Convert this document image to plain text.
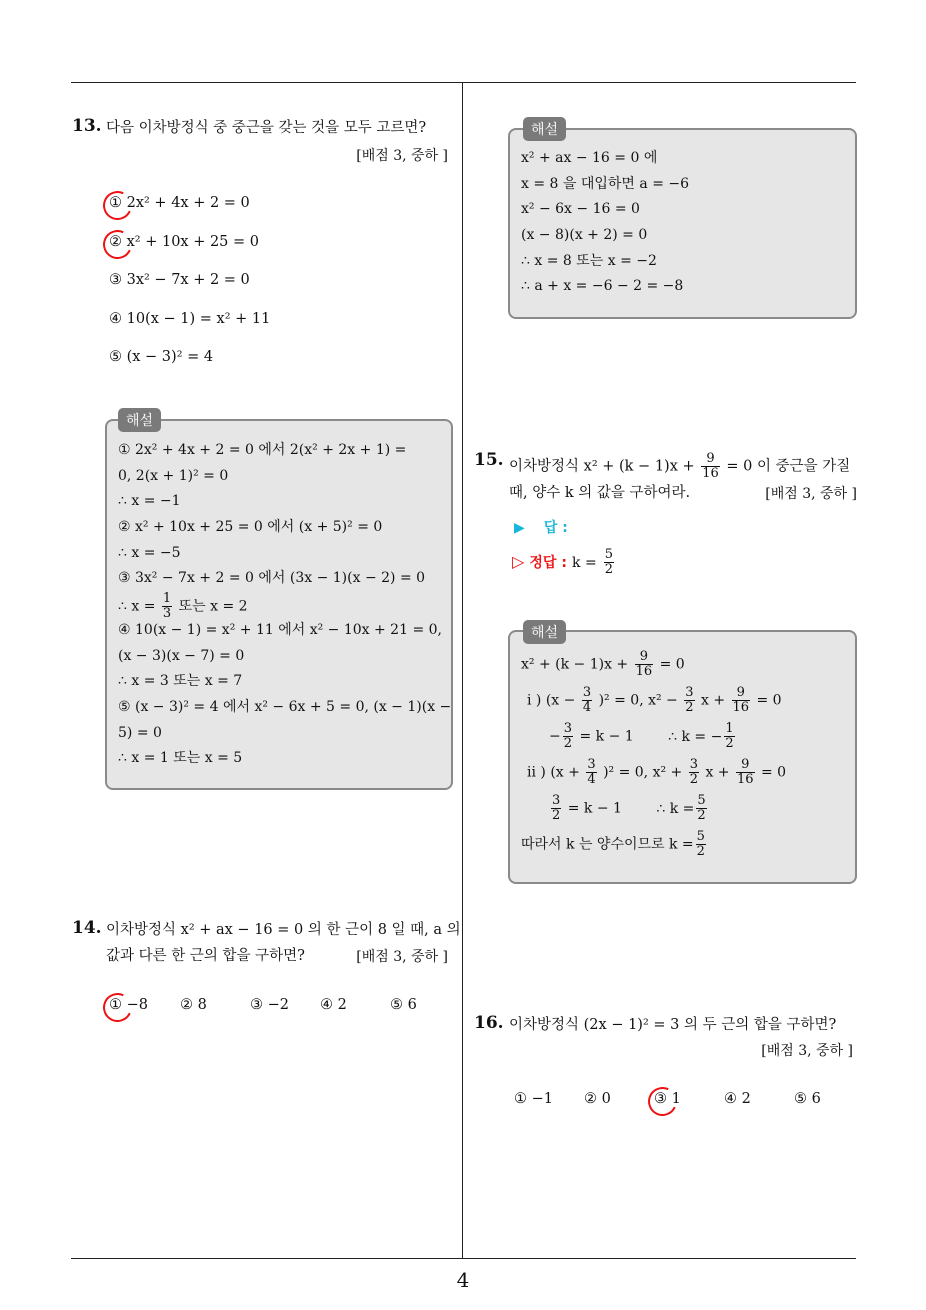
4
13. 다음 이차방정식 중 중근을 갖는 것을 모두 고르면?
[배점 3, 중하 ]
① 2x² + 4x + 2 = 0
② x² + 10x + 25 = 0
③ 3x² − 7x + 2 = 0
④ 10(x − 1) = x² + 11
⑤ (x − 3)² = 4
해설
① 2x² + 4x + 2 = 0 에서 2(x² + 2x + 1) =
0, 2(x + 1)² = 0
∴ x = −1
② x² + 10x + 25 = 0 에서 (x + 5)² = 0
∴ x = −5
③ 3x² − 7x + 2 = 0 에서 (3x − 1)(x − 2) = 0
∴ $x = \frac{1}{3}$ 또는 x = 2
④ 10(x − 1) = x² + 11 에서 x² − 10x + 21 = 0,
(x − 3)(x − 7) = 0
∴ x = 3 또는 x = 7
⑤ (x − 3)² = 4 에서 x² − 6x + 5 = 0, (x − 1)(x −
5) = 0
∴ x = 1 또는 x = 5
14. 이차방정식 x² + ax − 16 = 0 의 한 근이 8 일 때, a 의
값과 다른 한 근의 합을 구하면?	[배점 3, 중하 ]
① −8 ② 8	③ −2 ④ 2	⑤ 6
해설
x² + ax − 16 = 0 에
x = 8 을 대입하면 a = −6
x² − 6x − 16 = 0
(x − 8)(x + 2) = 0
∴ x = 8 또는 x = −2
∴ a + x = −6 − 2 = −8
15. 이차방정식 $x^2 + (k - 1)x + \frac{9}{16} = 0$ 이 중근을 가질
때, 양수 k 의 값을 구하여라.	[배점 3, 중하 ]
▶ 답 :
▷ 정답 : $k = \frac{5}{2}$
해설
$x^2 + (k - 1)x + \frac{9}{16} = 0$
i ) $(x - \frac{3}{4} )^2 = 0$, $x^2 - \frac{3}{2}$ $x + \frac{9}{16} = 0$
− $\frac{3}{2} = k - 1$ ∴ k = − $\frac{1}{2}$
ii ) $(x + \frac{3}{4} )^2 = 0$, $x^2 + \frac{3}{2}$ $x + \frac{9}{16} = 0$
$\frac{3}{2} = k - 1$ ∴ $k = \frac{5}{2}$
따라서 k 는 양수이므로 $k = \frac{5}{2}$
16. 이차방정식 (2x − 1)² = 3 의 두 근의 합을 구하면?
[배점 3, 중하 ]
① −1 ② 0	③ 1	④ 2	⑤ 6
